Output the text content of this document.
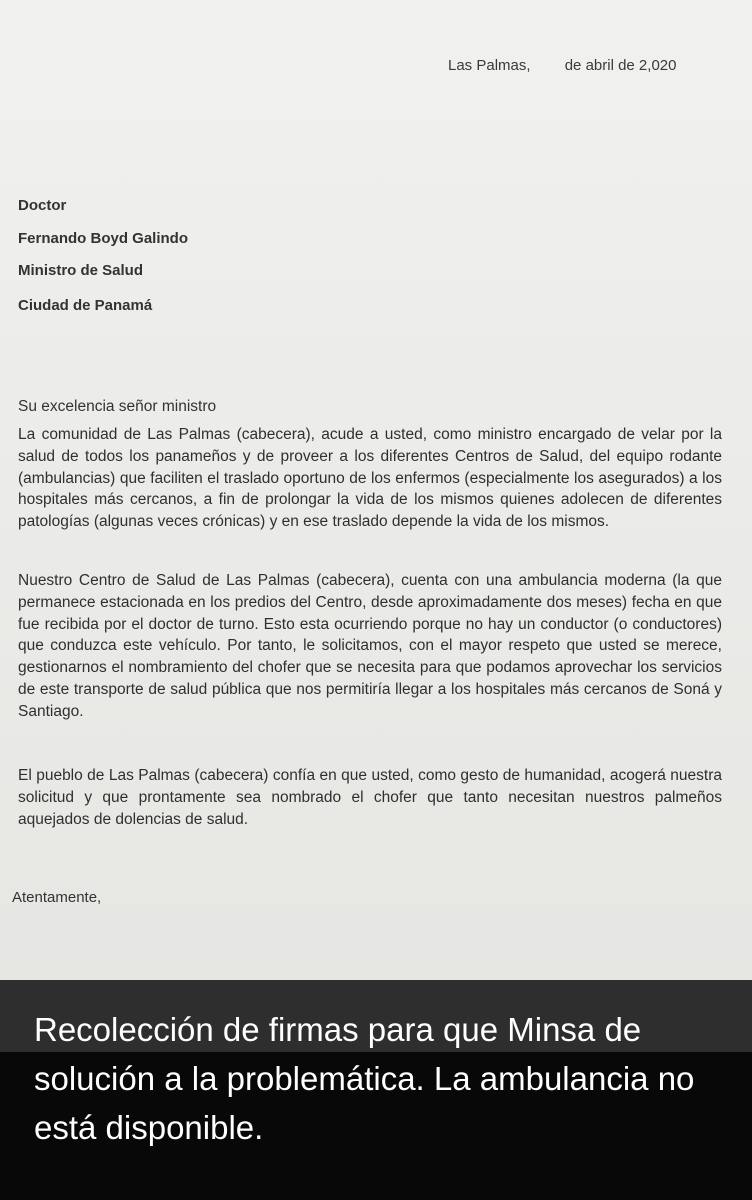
Las Palmas, de abril de 2,020
Doctor
Fernando Boyd Galindo
Ministro de Salud
Ciudad de Panamá
Su excelencia señor ministro

La comunidad de Las Palmas (cabecera), acude a usted, como ministro encargado de velar por la salud de todos los panameños y de proveer a los diferentes Centros de Salud, del equipo rodante (ambulancias) que faciliten el traslado oportuno de los enfermos (especialmente los asegurados) a los hospitales más cercanos, a fin de prolongar la vida de los mismos quienes adolecen de diferentes patologías (algunas veces crónicas) y en ese traslado depende la vida de los mismos.

Nuestro Centro de Salud de Las Palmas (cabecera), cuenta con una ambulancia moderna (la que permanece estacionada en los predios del Centro, desde aproximadamente dos meses) fecha en que fue recibida por el doctor de turno. Esto esta ocurriendo porque no hay un conductor (o conductores) que conduzca este vehículo. Por tanto, le solicitamos, con el mayor respeto que usted se merece, gestionarnos el nombramiento del chofer que se necesita para que podamos aprovechar los servicios de este transporte de salud pública que nos permitiría llegar a los hospitales más cercanos de Soná y Santiago.

El pueblo de Las Palmas (cabecera) confía en que usted, como gesto de humanidad, acogerá nuestra solicitud y que prontamente sea nombrado el chofer que tanto necesitan nuestros palmeños aquejados de dolencias de salud.

Atentamente,

Recolección de firmas para que Minsa de solución a la problemática. La ambulancia no está disponible.
